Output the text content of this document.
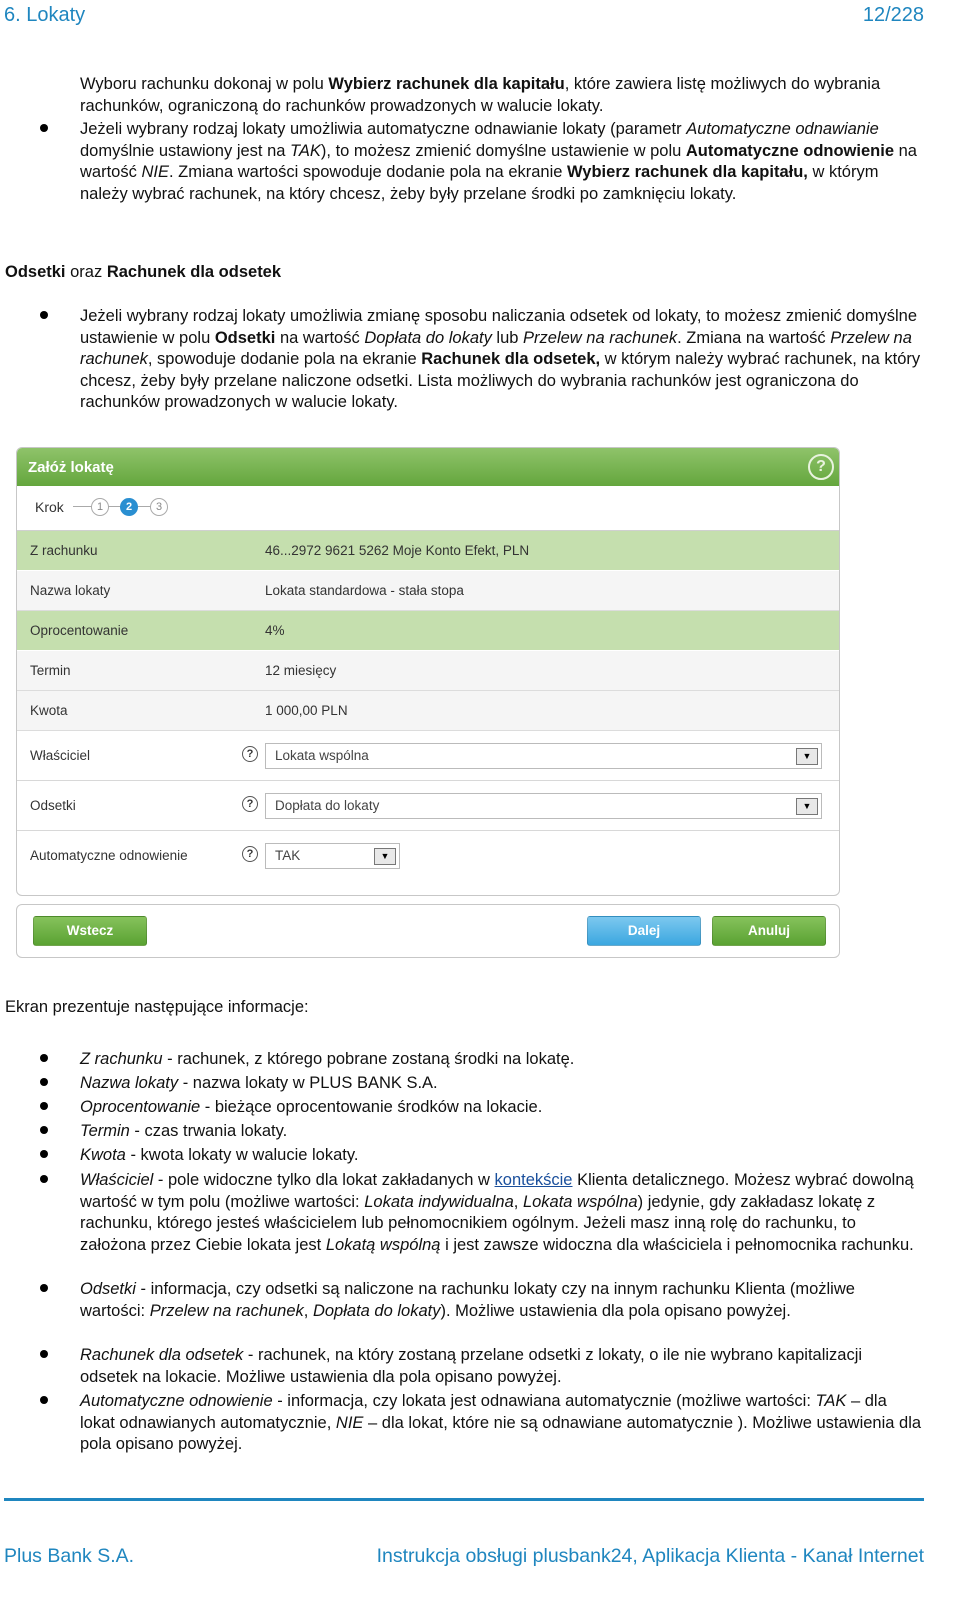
6. Lokaty	12/228
Wyboru rachunku dokonaj w polu Wybierz rachunek dla kapitału, które zawiera listę możliwych do wybrania rachunków, ograniczoną do rachunków prowadzonych w walucie lokaty.
Jeżeli wybrany rodzaj lokaty umożliwia automatyczne odnawianie lokaty (parametr Automatyczne odnawianie domyślnie ustawiony jest na TAK), to możesz zmienić domyślne ustawienie w polu Automatyczne odnowienie na wartość NIE. Zmiana wartości spowoduje dodanie pola na ekranie Wybierz rachunek dla kapitału, w którym należy wybrać rachunek, na który chcesz, żeby były przelane środki po zamknięciu lokaty.
Odsetki oraz Rachunek dla odsetek
Jeżeli wybrany rodzaj lokaty umożliwia zmianę sposobu naliczania odsetek od lokaty, to możesz zmienić domyślne ustawienie w polu Odsetki na wartość Dopłata do lokaty lub Przelew na rachunek. Zmiana na wartość Przelew na rachunek, spowoduje dodanie pola na ekranie Rachunek dla odsetek, w którym należy wybrać rachunek, na który chcesz, żeby były przelane naliczone odsetki. Lista możliwych do wybrania rachunków jest ograniczona do rachunków prowadzonych w walucie lokaty.
Załóż lokatę	?
Krok	1	2	3
Z rachunku	46...2972 9621 5262 Moje Konto Efekt, PLN
Nazwa lokaty	Lokata standardowa - stała stopa
Oprocentowanie	4%
Termin	12 miesięcy
Kwota	1 000,00 PLN
Właściciel	?	Lokata wspólna	▼
Odsetki	?	Dopłata do lokaty	▼
Automatyczne odnowienie	?	TAK	▼
Wstecz	Dalej	Anuluj
Ekran prezentuje następujące informacje:
Z rachunku - rachunek, z którego pobrane zostaną środki na lokatę.
Nazwa lokaty - nazwa lokaty w PLUS BANK S.A.
Oprocentowanie - bieżące oprocentowanie środków na lokacie.
Termin - czas trwania lokaty.
Kwota - kwota lokaty w walucie lokaty.
Właściciel - pole widoczne tylko dla lokat zakładanych w kontekście Klienta detalicznego. Możesz wybrać dowolną wartość w tym polu (możliwe wartości: Lokata indywidualna, Lokata wspólna) jedynie, gdy zakładasz lokatę z rachunku, którego jesteś właścicielem lub pełnomocnikiem ogólnym. Jeżeli masz inną rolę do rachunku, to założona przez Ciebie lokata jest Lokatą wspólną i jest zawsze widoczna dla właściciela i pełnomocnika rachunku.
Odsetki - informacja, czy odsetki są naliczone na rachunku lokaty czy na innym rachunku Klienta (możliwe wartości: Przelew na rachunek, Dopłata do lokaty). Możliwe ustawienia dla pola opisano powyżej.
Rachunek dla odsetek - rachunek, na który zostaną przelane odsetki z lokaty, o ile nie wybrano kapitalizacji odsetek na lokacie. Możliwe ustawienia dla pola opisano powyżej.
Automatyczne odnowienie - informacja, czy lokata jest odnawiana automatycznie (możliwe wartości: TAK – dla lokat odnawianych automatycznie, NIE – dla lokat, które nie są odnawiane automatycznie ). Możliwe ustawienia dla pola opisano powyżej.
Plus Bank S.A.	Instrukcja obsługi plusbank24, Aplikacja Klienta - Kanał Internet
